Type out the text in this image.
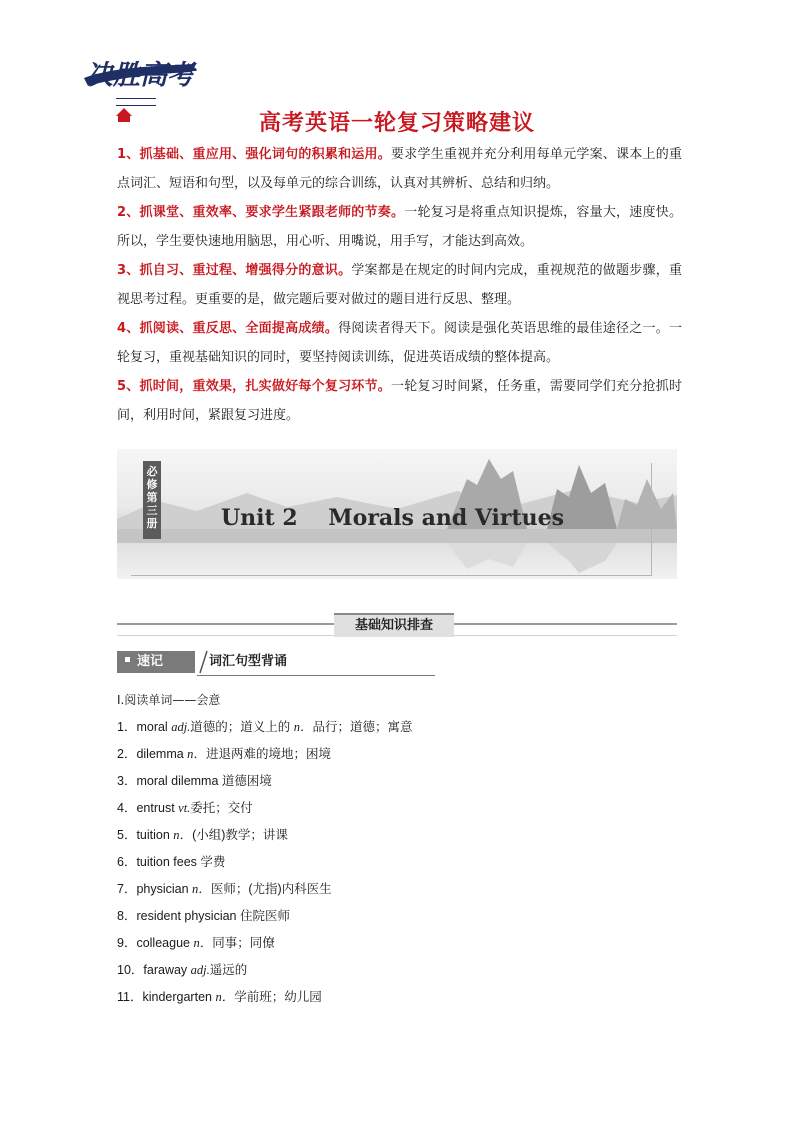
决胜高考
高考英语一轮复习策略建议

1、抓基础、重应用、强化词句的积累和运用。要求学生重视并充分利用每单元学案、课本上的重点词汇、短语和句型，以及每单元的综合训练，认真对其辨析、总结和归纳。

2、抓课堂、重效率、要求学生紧跟老师的节奏。一轮复习是将重点知识提炼，容量大，速度快。所以，学生要快速地用脑思，用心听、用嘴说，用手写，才能达到高效。

3、抓自习、重过程、增强得分的意识。学案都是在规定的时间内完成，重视规范的做题步骤，重视思考过程。更重要的是，做完题后要对做过的题目进行反思、整理。

4、抓阅读、重反思、全面提高成绩。得阅读者得天下。阅读是强化英语思维的最佳途径之一。一轮复习，重视基础知识的同时，要坚持阅读训练，促进英语成绩的整体提高。

5、抓时间，重效果，扎实做好每个复习环节。一轮复习时间紧，任务重，需要同学们充分抢抓时间，利用时间，紧跟复习进度。

必修第三册	Unit 2    Morals and Virtues
基础知识排查
速记	词汇句型背诵

Ⅰ.阅读单词——会意

1．moral adj.道德的；道义上的 n．品行；道德；寓意

2．dilemma n．进退两难的境地；困境

3．moral dilemma 道德困境

4．entrust vt.委托；交付

5．tuition n．(小组)教学；讲课

6．tuition fees 学费

7．physician n．医师；(尤指)内科医生

8．resident physician 住院医师

9．colleague n．同事；同僚

10．faraway adj.遥远的

11．kindergarten n．学前班；幼儿园
